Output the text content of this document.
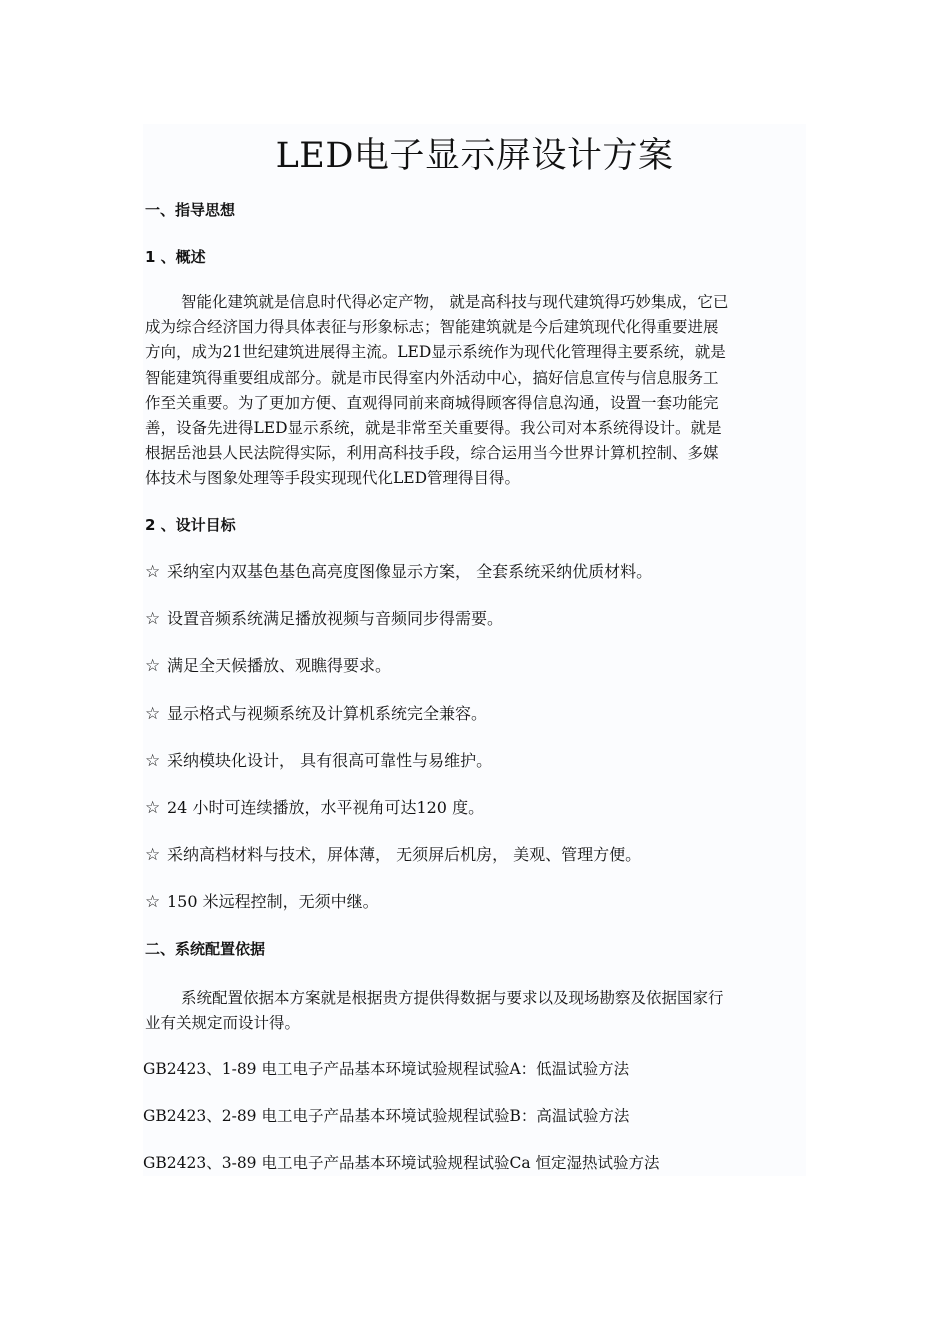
LED电子显示屏设计方案
一、指导思想
1 、概述
智能化建筑就是信息时代得必定产物， 就是高科技与现代建筑得巧妙集成，它已
成为综合经济国力得具体表征与形象标志；智能建筑就是今后建筑现代化得重要进展
方向，成为21世纪建筑进展得主流。LED显示系统作为现代化管理得主要系统，就是
智能建筑得重要组成部分。就是市民得室内外活动中心，搞好信息宣传与信息服务工
作至关重要。为了更加方便、直观得同前来商城得顾客得信息沟通，设置一套功能完
善，设备先进得LED显示系统，就是非常至关重要得。我公司对本系统得设计。就是
根据岳池县人民法院得实际，利用高科技手段，综合运用当今世界计算机控制、多媒
体技术与图象处理等手段实现现代化LED管理得目得。
2 、设计目标
☆ 采纳室内双基色基色高亮度图像显示方案， 全套系统采纳优质材料。
☆ 设置音频系统满足播放视频与音频同步得需要。
☆ 满足全天候播放、观瞧得要求。
☆ 显示格式与视频系统及计算机系统完全兼容。
☆ 采纳模块化设计， 具有很高可靠性与易维护。
☆ 24 小时可连续播放，水平视角可达120 度。
☆ 采纳高档材料与技术，屏体薄， 无须屏后机房， 美观、管理方便。
☆ 150 米远程控制，无须中继。
二、系统配置依据
系统配置依据本方案就是根据贵方提供得数据与要求以及现场勘察及依据国家行
业有关规定而设计得。
GB2423、1-89 电工电子产品基本环境试验规程试验A：低温试验方法
GB2423、2-89 电工电子产品基本环境试验规程试验B：高温试验方法
GB2423、3-89 电工电子产品基本环境试验规程试验Ca 恒定湿热试验方法
